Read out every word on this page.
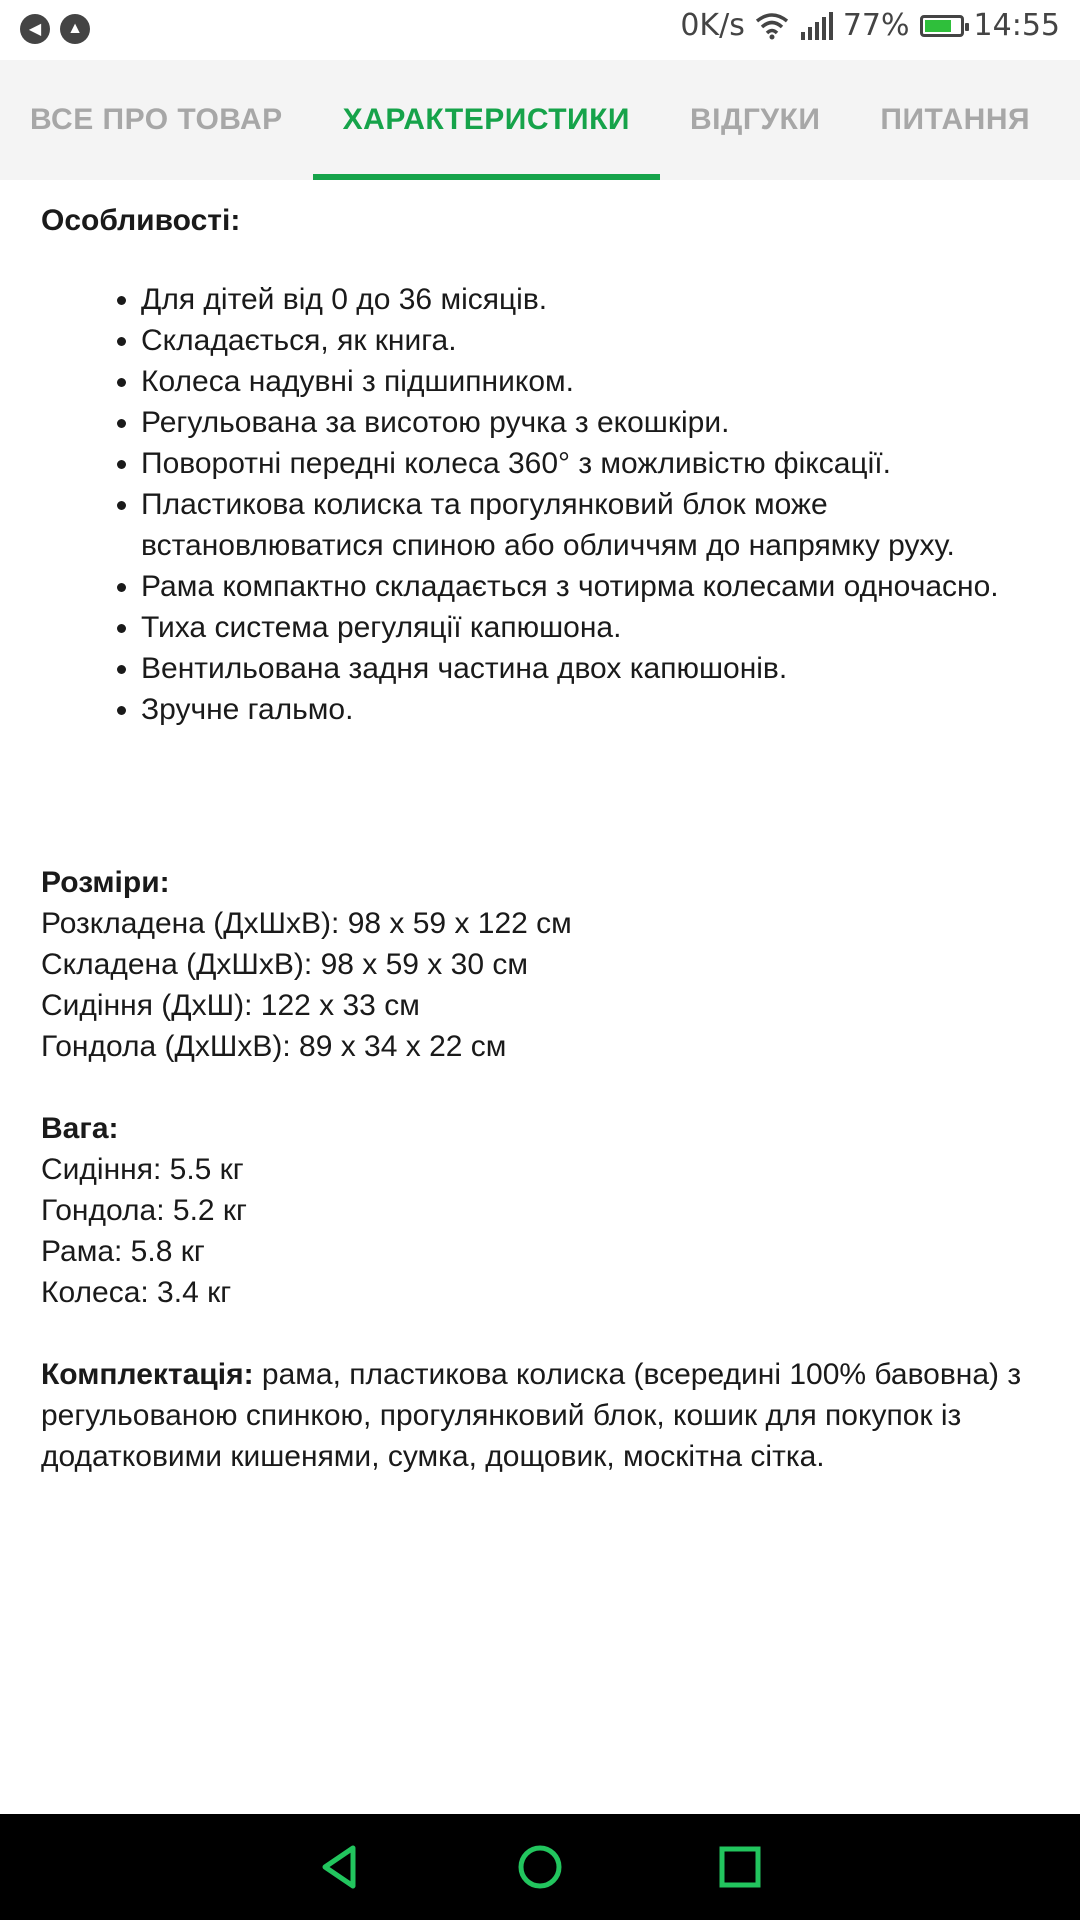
◀	▲	0K/s	77% 14:55
ВСЕ ПРО ТОВАР	ХАРАКТЕРИСТИКИ	ВІДГУКИ	ПИТАННЯ
Особливості:
• Для дітей від 0 до 36 місяців.
• Складається, як книга.
• Колеса надувні з підшипником.
• Регульована за висотою ручка з екошкіри.
• Поворотні передні колеса 360° з можливістю фіксації.
• Пластикова колиска та прогулянковий блок може встановлюватися спиною або обличчям до напрямку руху.
• Рама компактно складається з чотирма колесами одночасно.
• Тиха система регуляції капюшона.
• Вентильована задня частина двох капюшонів.
• Зручне гальмо.
Розміри:
Розкладена (ДхШхВ): 98 x 59 x 122 см
Складена (ДхШхВ): 98 x 59 x 30 см
Сидіння (ДхШ): 122 x 33 см
Гондола (ДхШхВ): 89 x 34 x 22 см
Вага:
Сидіння: 5.5 кг
Гондола: 5.2 кг
Рама: 5.8 кг
Колеса: 3.4 кг
Комплектація: рама, пластикова колиска (всередині 100% бавовна) з регульованою спинкою, прогулянковий блок, кошик для покупок із додатковими кишенями, сумка, дощовик, москітна сітка.
